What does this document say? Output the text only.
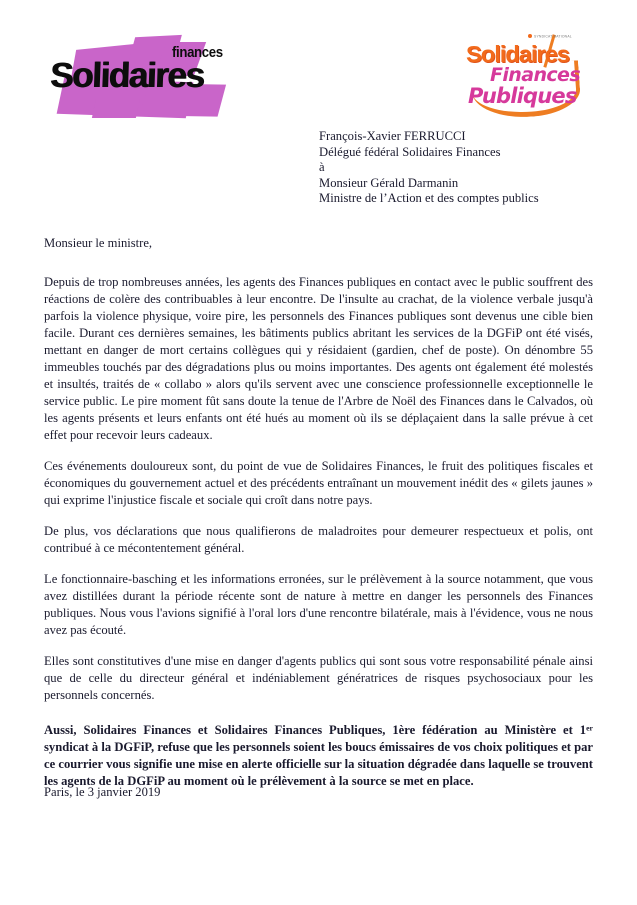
finances
Solidaires
Solidaires
SYNDICAT NATIONAL
Finances
Publiques
François-Xavier FERRUCCI
Délégué fédéral Solidaires Finances
à
Monsieur Gérald Darmanin
Ministre de l’Action et des comptes publics

Monsieur le ministre,

Depuis de trop nombreuses années, les agents des Finances publiques en contact avec le public souffrent des réactions de colère des contribuables à leur encontre. De l'insulte au crachat, de la violence verbale jusqu'à parfois la violence physique, voire pire, les personnels des Finances publiques sont devenus une cible bien facile. Durant ces dernières semaines, les bâtiments publics abritant les services de la DGFiP ont été visés, mettant en danger de mort certains collègues qui y résidaient (gardien, chef de poste). On dénombre 55 immeubles touchés par des dégradations plus ou moins importantes. Des agents ont également été molestés et insultés, traités de « collabo » alors qu'ils servent avec une conscience professionnelle exceptionnelle le service public. Le pire moment fût sans doute la tenue de l'Arbre de Noël des Finances dans le Calvados, où les agents présents et leurs enfants ont été hués au moment où ils se déplaçaient dans la salle prévue à cet effet pour recevoir leurs cadeaux.

Ces événements douloureux sont, du point de vue de Solidaires Finances, le fruit des politiques fiscales et économiques du gouvernement actuel et des précédents entraînant un mouvement inédit des « gilets jaunes » qui exprime l'injustice fiscale et sociale qui croît dans notre pays.

De plus, vos déclarations que nous qualifierons de maladroites pour demeurer respectueux et polis, ont contribué à ce mécontentement général.

Le fonctionnaire-basching et les informations erronées, sur le prélèvement à la source notamment, que vous avez distillées durant la période récente sont de nature à mettre en danger les personnels des Finances publiques. Nous vous l'avions signifié à l'oral lors d'une rencontre bilatérale, mais à l'évidence, vous ne nous avez pas écouté.

Elles sont constitutives d'une mise en danger d'agents publics qui sont sous votre responsabilité pénale ainsi que de celle du directeur général et indéniablement génératrices de risques psychosociaux pour les personnels concernés.

Aussi, Solidaires Finances et Solidaires Finances Publiques, 1ère fédération au Ministère et 1er syndicat à la DGFiP, refuse que les personnels soient les boucs émissaires de vos choix politiques et par ce courrier vous signifie une mise en alerte officielle sur la situation dégradée dans laquelle se trouvent les agents de la DGFiP au moment où le prélèvement à la source se met en place.

Paris, le 3 janvier 2019
